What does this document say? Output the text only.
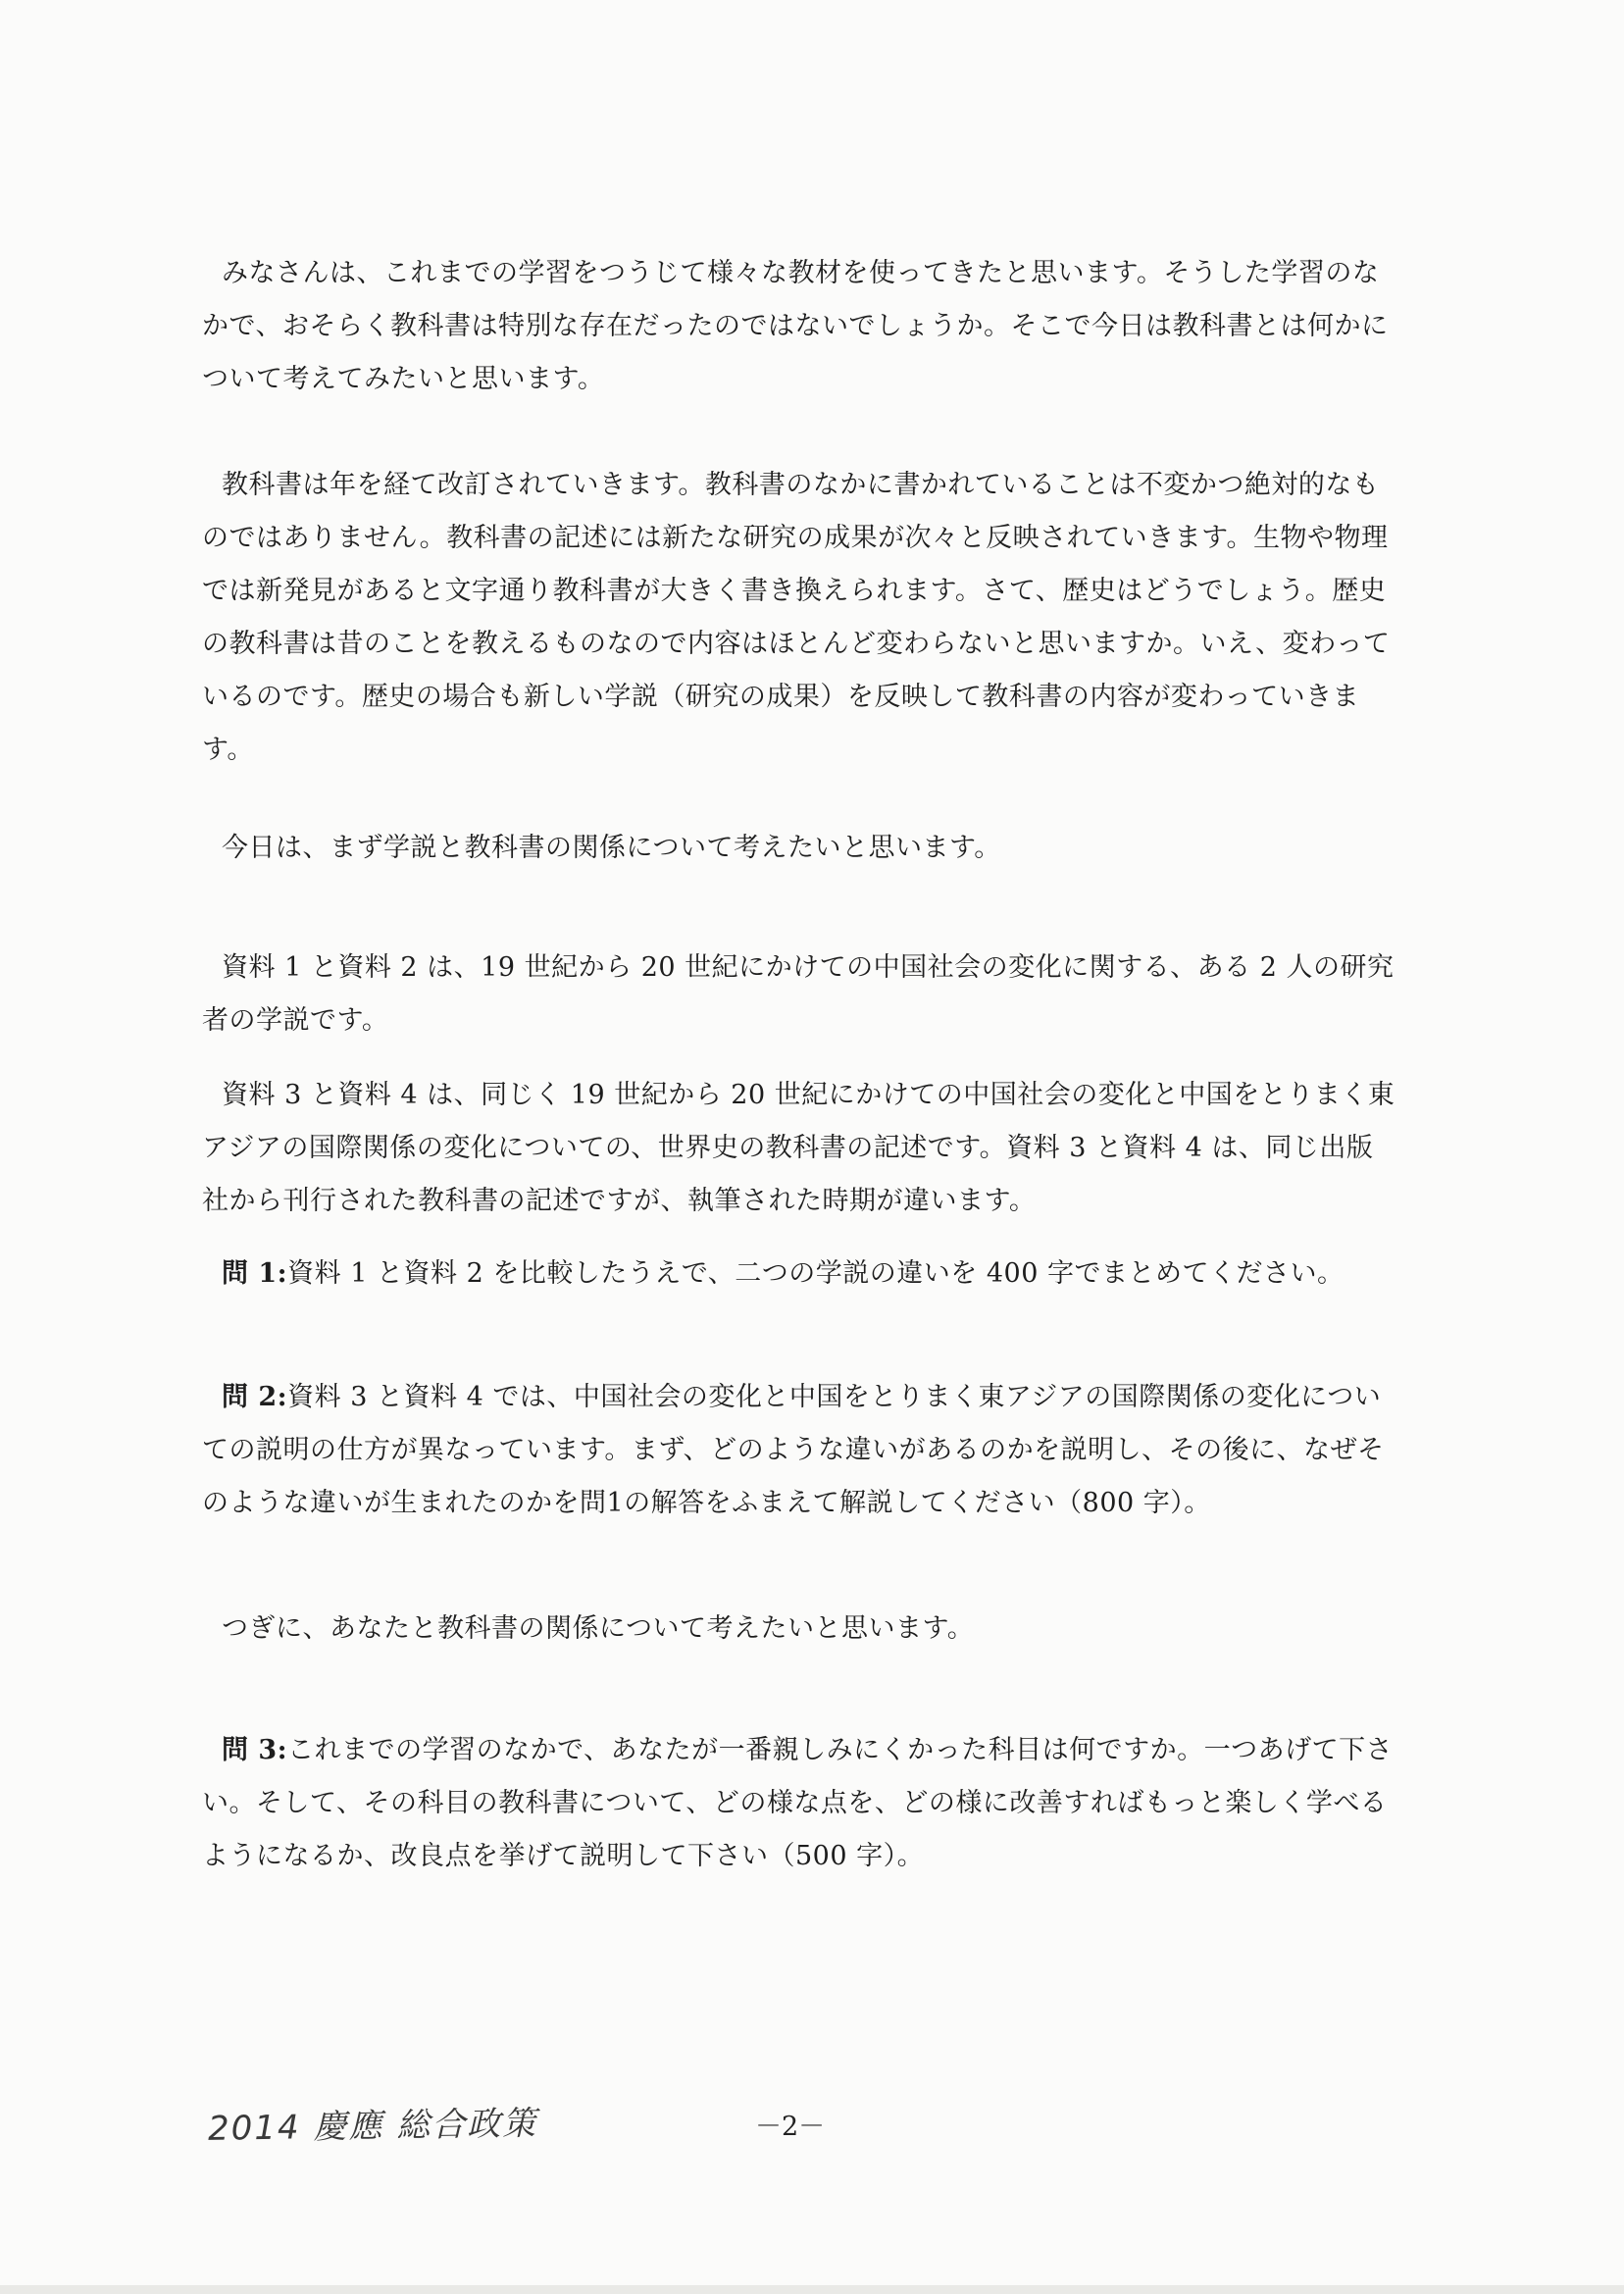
みなさんは、これまでの学習をつうじて様々な教材を使ってきたと思います。そうした学習のなかで、おそらく教科書は特別な存在だったのではないでしょうか。そこで今日は教科書とは何かについて考えてみたいと思います。

教科書は年を経て改訂されていきます。教科書のなかに書かれていることは不変かつ絶対的なものではありません。教科書の記述には新たな研究の成果が次々と反映されていきます。生物や物理では新発見があると文字通り教科書が大きく書き換えられます。さて、歴史はどうでしょう。歴史の教科書は昔のことを教えるものなので内容はほとんど変わらないと思いますか。いえ、変わっているのです。歴史の場合も新しい学説（研究の成果）を反映して教科書の内容が変わっていきます。

今日は、まず学説と教科書の関係について考えたいと思います。

資料 1 と資料 2 は、19 世紀から 20 世紀にかけての中国社会の変化に関する、ある 2 人の研究者の学説です。

資料 3 と資料 4 は、同じく 19 世紀から 20 世紀にかけての中国社会の変化と中国をとりまく東アジアの国際関係の変化についての、世界史の教科書の記述です。資料 3 と資料 4 は、同じ出版社から刊行された教科書の記述ですが、執筆された時期が違います。

問 1:資料 1 と資料 2 を比較したうえで、二つの学説の違いを 400 字でまとめてください。

問 2:資料 3 と資料 4 では、中国社会の変化と中国をとりまく東アジアの国際関係の変化についての説明の仕方が異なっています。まず、どのような違いがあるのかを説明し、その後に、なぜそのような違いが生まれたのかを問1の解答をふまえて解説してください（800 字）。

つぎに、あなたと教科書の関係について考えたいと思います。

問 3:これまでの学習のなかで、あなたが一番親しみにくかった科目は何ですか。一つあげて下さい。そして、その科目の教科書について、どの様な点を、どの様に改善すればもっと楽しく学べるようになるか、改良点を挙げて説明して下さい（500 字）。

2014 慶應 総合政策	－2－
